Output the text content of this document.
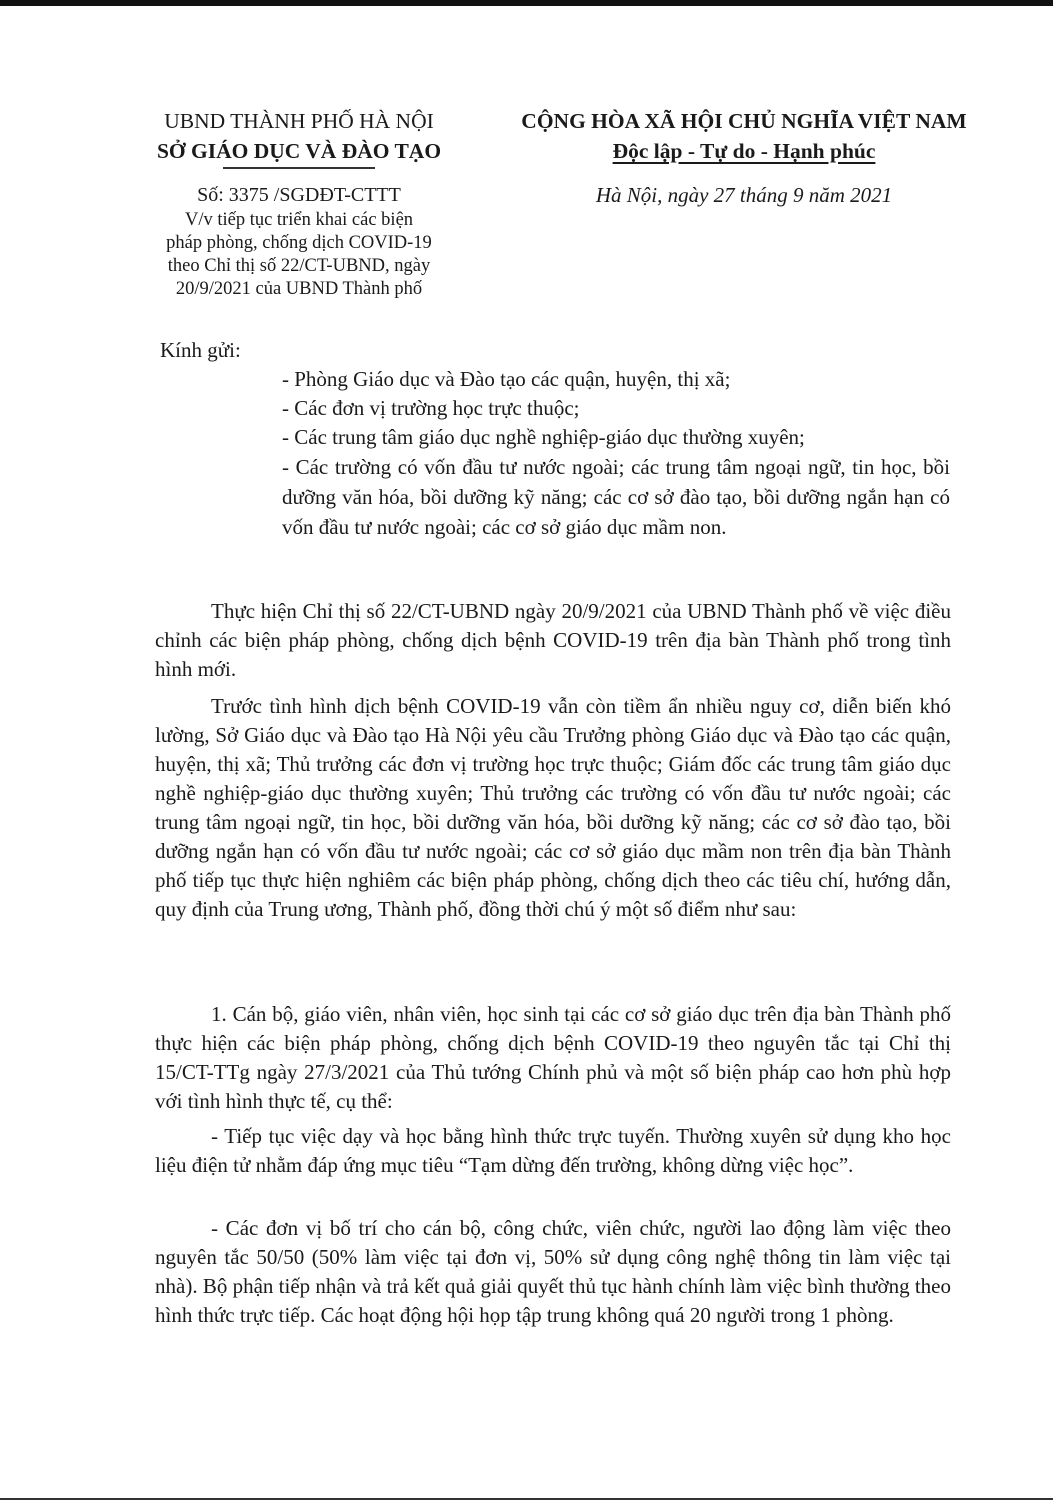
UBND THÀNH PHỐ HÀ NỘI
SỞ GIÁO DỤC VÀ ĐÀO TẠO
Số: 3375 /SGDĐT-CTTT
V/v tiếp tục triển khai các biện
pháp phòng, chống dịch COVID-19
theo Chỉ thị số 22/CT-UBND, ngày
20/9/2021 của UBND Thành phố
CỘNG HÒA XÃ HỘI CHỦ NGHĨA VIỆT NAM
Độc lập - Tự do - Hạnh phúc
Hà Nội, ngày 27 tháng 9 năm 2021
Kính gửi:
- Phòng Giáo dục và Đào tạo các quận, huyện, thị xã;
- Các đơn vị trường học trực thuộc;
- Các trung tâm giáo dục nghề nghiệp-giáo dục thường xuyên;
- Các trường có vốn đầu tư nước ngoài; các trung tâm ngoại ngữ, tin học, bồi dưỡng văn hóa, bồi dưỡng kỹ năng; các cơ sở đào tạo, bồi dưỡng ngắn hạn có vốn đầu tư nước ngoài; các cơ sở giáo dục mầm non.
Thực hiện Chỉ thị số 22/CT-UBND ngày 20/9/2021 của UBND Thành phố về việc điều chỉnh các biện pháp phòng, chống dịch bệnh COVID-19 trên địa bàn Thành phố trong tình hình mới.
Trước tình hình dịch bệnh COVID-19 vẫn còn tiềm ẩn nhiều nguy cơ, diễn biến khó lường, Sở Giáo dục và Đào tạo Hà Nội yêu cầu Trưởng phòng Giáo dục và Đào tạo các quận, huyện, thị xã; Thủ trưởng các đơn vị trường học trực thuộc; Giám đốc các trung tâm giáo dục nghề nghiệp-giáo dục thường xuyên; Thủ trưởng các trường có vốn đầu tư nước ngoài; các trung tâm ngoại ngữ, tin học, bồi dưỡng văn hóa, bồi dưỡng kỹ năng; các cơ sở đào tạo, bồi dưỡng ngắn hạn có vốn đầu tư nước ngoài; các cơ sở giáo dục mầm non trên địa bàn Thành phố tiếp tục thực hiện nghiêm các biện pháp phòng, chống dịch theo các tiêu chí, hướng dẫn, quy định của Trung ương, Thành phố, đồng thời chú ý một số điểm như sau:
1. Cán bộ, giáo viên, nhân viên, học sinh tại các cơ sở giáo dục trên địa bàn Thành phố thực hiện các biện pháp phòng, chống dịch bệnh COVID-19 theo nguyên tắc tại Chỉ thị 15/CT-TTg ngày 27/3/2021 của Thủ tướng Chính phủ và một số biện pháp cao hơn phù hợp với tình hình thực tế, cụ thể:
- Tiếp tục việc dạy và học bằng hình thức trực tuyến. Thường xuyên sử dụng kho học liệu điện tử nhằm đáp ứng mục tiêu “Tạm dừng đến trường, không dừng việc học”.
- Các đơn vị bố trí cho cán bộ, công chức, viên chức, người lao động làm việc theo nguyên tắc 50/50 (50% làm việc tại đơn vị, 50% sử dụng công nghệ thông tin làm việc tại nhà). Bộ phận tiếp nhận và trả kết quả giải quyết thủ tục hành chính làm việc bình thường theo hình thức trực tiếp. Các hoạt động hội họp tập trung không quá 20 người trong 1 phòng.
